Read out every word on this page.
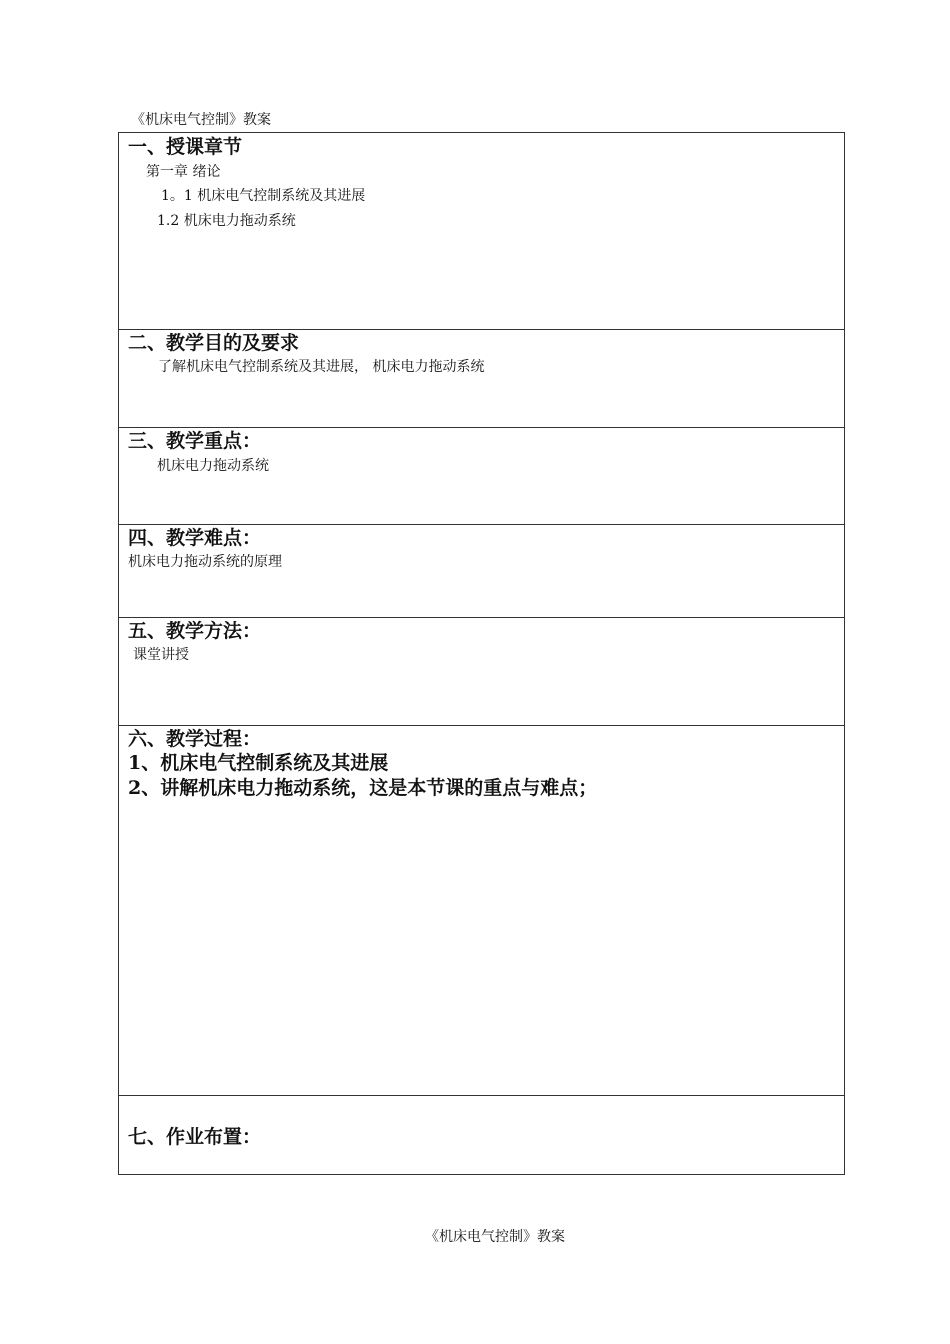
《机床电气控制》教案
一、授课章节
第一章 绪论
1。1 机床电气控制系统及其进展
1.2 机床电力拖动系统
二、教学目的及要求
了解机床电气控制系统及其进展， 机床电力拖动系统
三、教学重点：
机床电力拖动系统
四、教学难点：
机床电力拖动系统的原理
五、教学方法：
课堂讲授
六、教学过程：
1、机床电气控制系统及其进展
2、讲解机床电力拖动系统，这是本节课的重点与难点；
七、作业布置：
《机床电气控制》教案
